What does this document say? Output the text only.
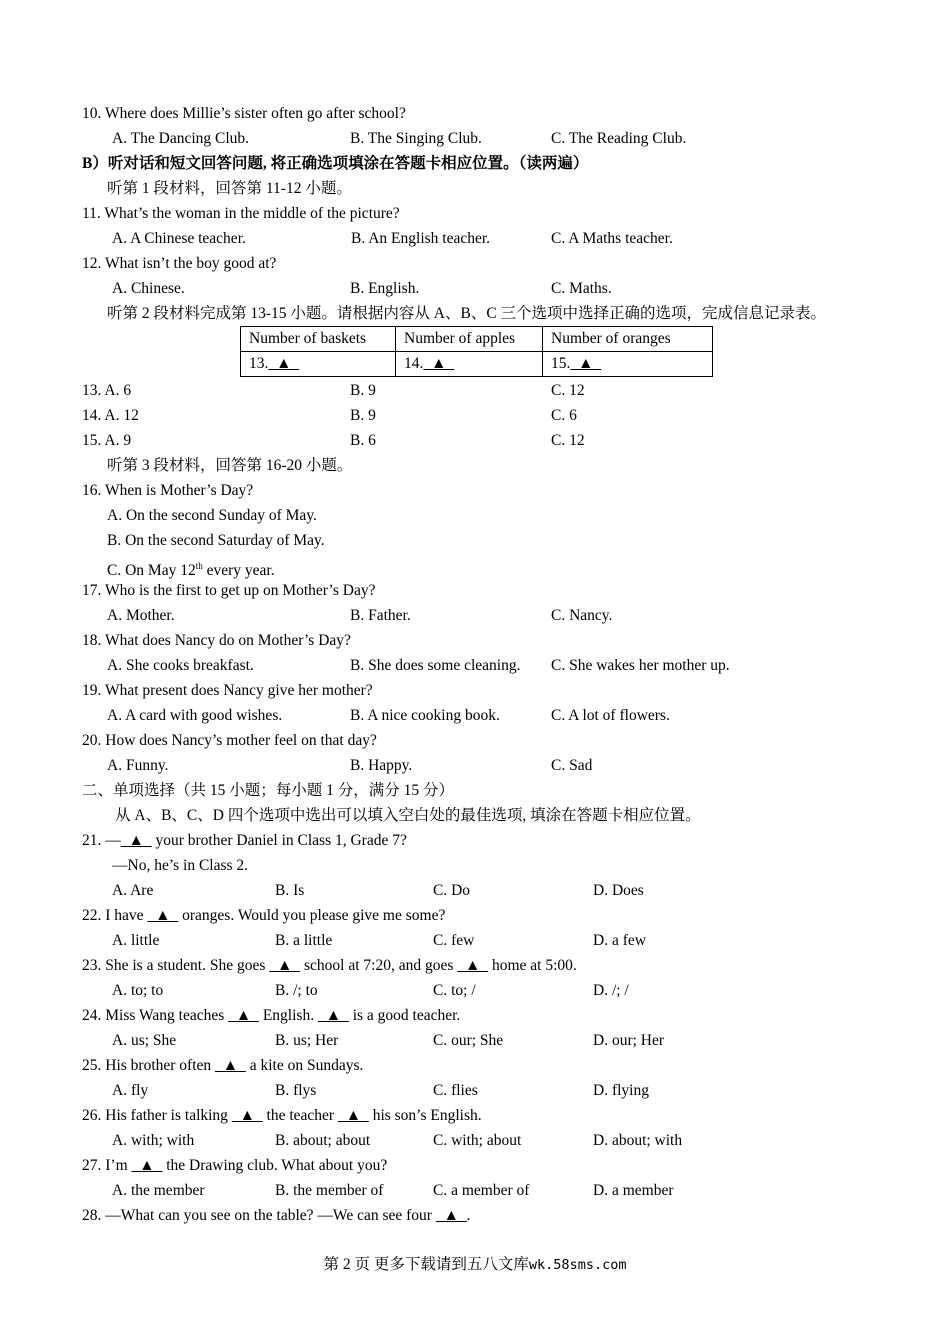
10. Where does Millie’s sister often go after school?
A. The Dancing Club.	B. The Singing Club.	C. The Reading Club.
B）听对话和短文回答问题, 将正确选项填涂在答题卡相应位置。（读两遍）
听第 1 段材料，回答第 11-12 小题。
11. What’s the woman in the middle of the picture?
A. A Chinese teacher.	B. An English teacher.	C. A Maths teacher.
12. What isn’t the boy good at?
A. Chinese.	B. English.	C. Maths.
听第 2 段材料完成第 13-15 小题。请根据内容从 A、B、C 三个选项中选择正确的选项，完成信息记录表。
Number of baskets	Number of apples	Number of oranges
13. ▲	14. ▲	15. ▲
13. A. 6	B. 9	C. 12
14. A. 12	B. 9	C. 6
15. A. 9	B. 6	C. 12
听第 3 段材料，回答第 16-20 小题。
16. When is Mother’s Day?
A. On the second Sunday of May.
B. On the second Saturday of May.
C. On May 12th every year.
17. Who is the first to get up on Mother’s Day?
A. Mother.	B. Father.	C. Nancy.
18. What does Nancy do on Mother’s Day?
A. She cooks breakfast.	B. She does some cleaning. C. She wakes her mother up.
19. What present does Nancy give her mother?
A. A card with good wishes.	B. A nice cooking book.	C. A lot of flowers.
20. How does Nancy’s mother feel on that day?
A. Funny.	B. Happy.	C. Sad
二、单项选择（共 15 小题；每小题 1 分，满分 15 分）
从 A、B、C、D 四个选项中选出可以填入空白处的最佳选项, 填涂在答题卡相应位置。
21. — ▲   your brother Daniel in Class 1, Grade 7?
—No, he’s in Class 2.
A. Are	B. Is	C. Do	D. Does
22. I have   ▲   oranges. Would you please give me some?
A. little	B. a little	C. few	D. a few
23. She is a student. She goes   ▲   school at 7:20, and goes   ▲   home at 5:00.
A. to; to	B. /; to	C. to; /	D. /; /
24. Miss Wang teaches   ▲   English.   ▲   is a good teacher.
A. us; She	B. us; Her	C. our; She	D. our; Her
25. His brother often   ▲   a kite on Sundays.
A. fly	B. flys	C. flies	D. flying
26. His father is talking   ▲   the teacher   ▲   his son’s English.
A. with; with	B. about; about	C. with; about	D. about; with
27. I’m   ▲   the Drawing club. What about you?
A. the member	B. the member of	C. a member of	D. a member
28. —What can you see on the table? —We can see four   ▲ .
第 2 页 更多下载请到五八文库wk.58sms.com
